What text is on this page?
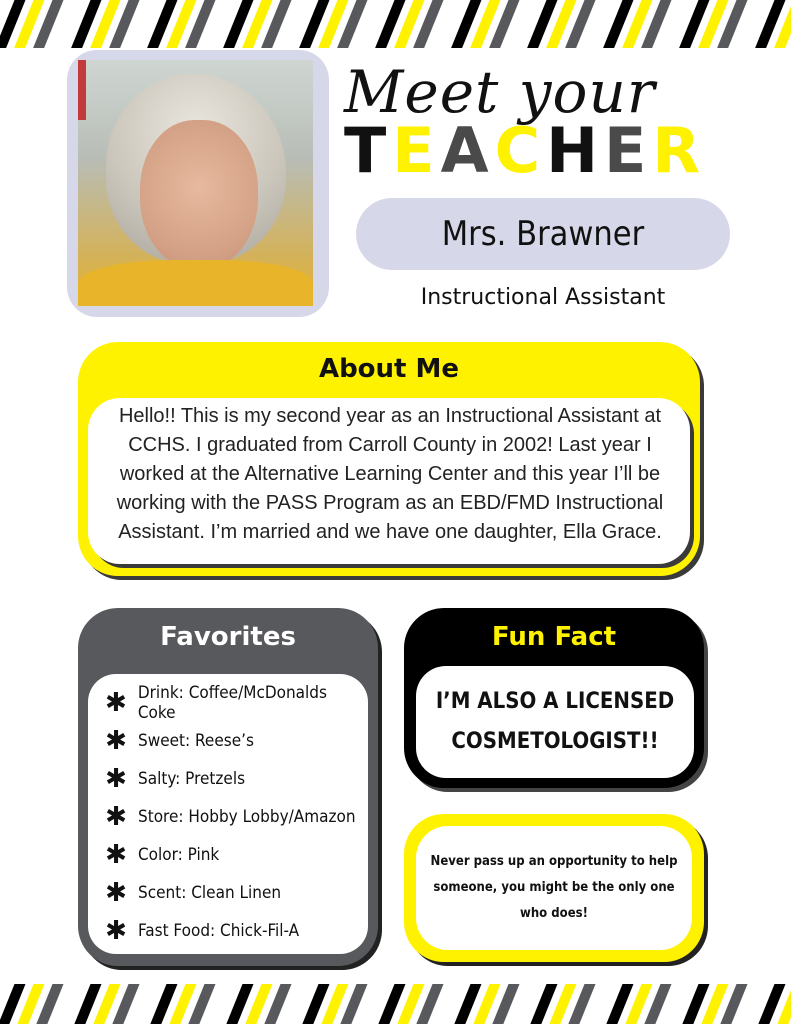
Meet your
TEACHER
Mrs. Brawner
Instructional Assistant
About Me
Hello!! This is my second year as an Instructional Assistant at CCHS. I graduated from Carroll County in 2002! Last year I worked at the Alternative Learning Center and this year I’ll be working with the PASS Program as an EBD/FMD Instructional Assistant. I’m married and we have one daughter, Ella Grace.
Favorites
✱ Drink: Coffee/McDonalds Coke
✱ Sweet: Reese’s
✱ Salty: Pretzels
✱ Store: Hobby Lobby/Amazon
✱ Color: Pink
✱ Scent: Clean Linen
✱ Fast Food: Chick-Fil-A
Fun Fact
I’M ALSO A LICENSED COSMETOLOGIST!!
Never pass up an opportunity to help someone, you might be the only one who does!
